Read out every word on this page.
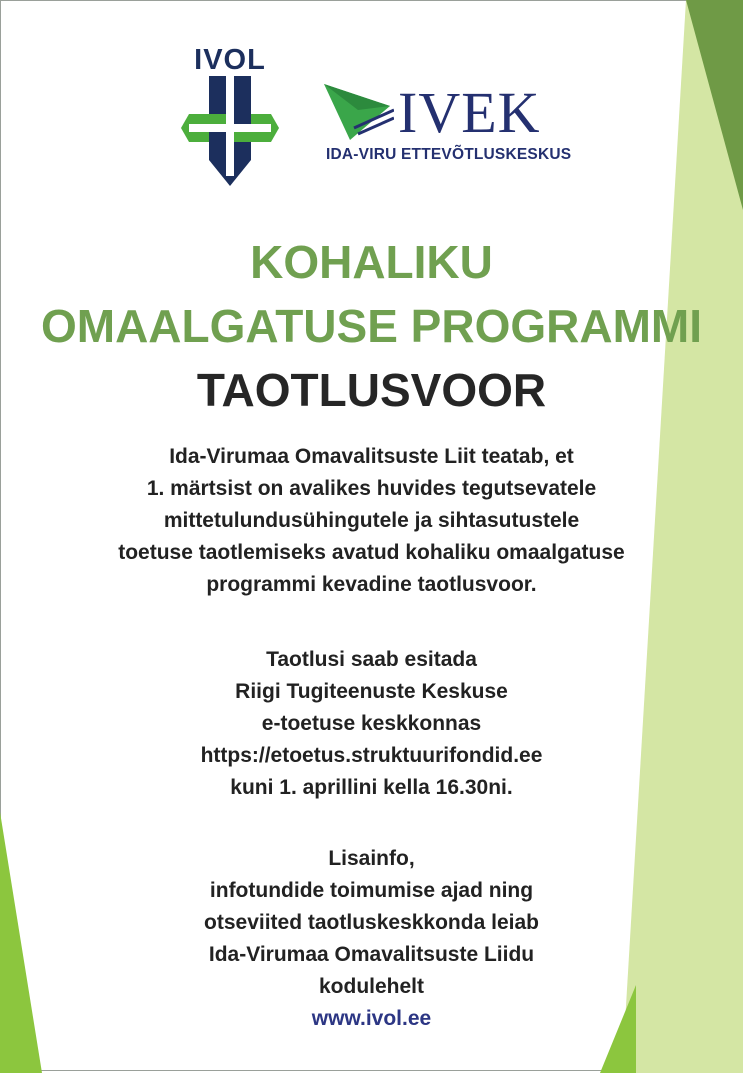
IVOL
IVEK
IDA-VIRU ETTEVÕTLUSKESKUS
KOHALIKU
OMAALGATUSE PROGRAMMI
TAOTLUSVOOR
Ida-Virumaa Omavalitsuste Liit teatab, et
1. märtsist on avalikes huvides tegutsevatele
mittetulundusühingutele ja sihtasutustele
toetuse taotlemiseks avatud kohaliku omaalgatuse
programmi kevadine taotlusvoor.
Taotlusi saab esitada
Riigi Tugiteenuste Keskuse
e-toetuse keskkonnas
https://etoetus.struktuurifondid.ee
kuni 1. aprillini kella 16.30ni.
Lisainfo,
infotundide toimumise ajad ning
otseviited taotluskeskkonda leiab
Ida-Virumaa Omavalitsuste Liidu
kodulehelt
www.ivol.ee
